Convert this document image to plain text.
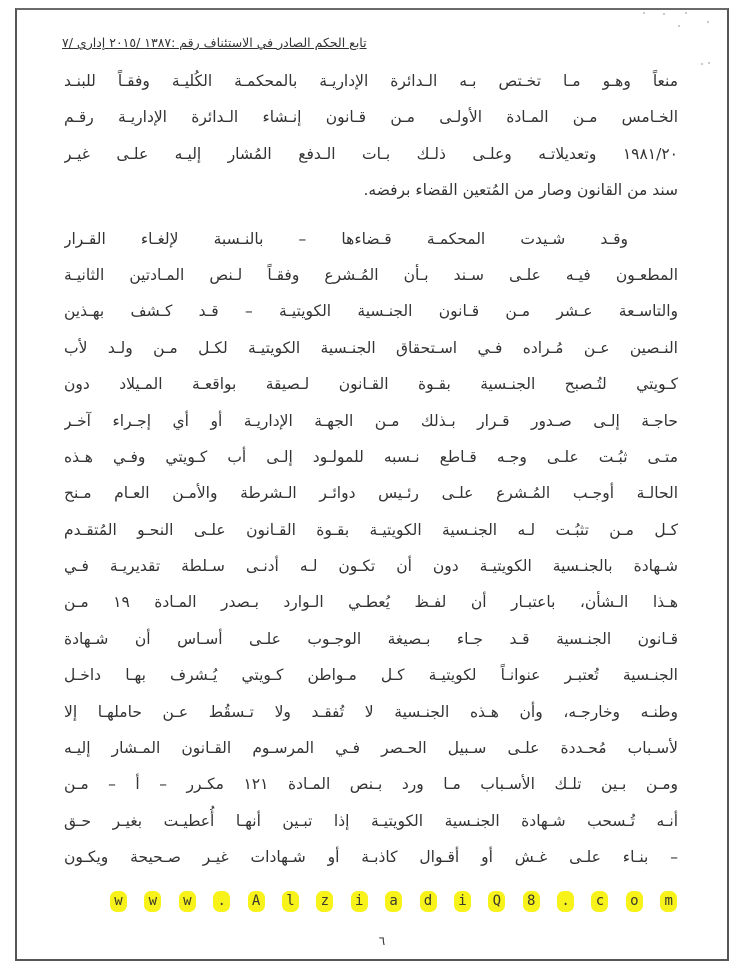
تابع الحكم الصادر في الاستئناف رقم :١٣٨٧ /٢٠١٥ إداري /٧
منعاً وهـو مـا تخـتص بـه الـدائرة الإداريـة بالمحكمـة الكُليـة وفقـاً للبنـد
الخـامس مـن المـادة الأولـى مـن قـانون إنـشاء الـدائرة الإداريـة رقـم
١٩٨١/٢٠ وتعديلاتـه وعلـى ذلـك بـات الـدفع المُشار إليـه علـى غيـر
سند من القانون وصار من المُتعين القضاء برفضه.
وقـد شـيدت المحكمـة قـضاءها – بالنـسبة لإلغـاء القـرار
المطعـون فيـه علـى سـند بـأن المُـشرع وفقـاً لـنص المـادتين الثانيـة
والتاسـعة عـشر مـن قـانون الجنـسية الكويتيـة – قـد كـشف بهـذين
النـصين عـن مُـراده فـي اسـتحقاق الجنـسية الكويتيـة لكـل مـن ولـد لأب
كـويتي لتُـصبح الجنـسية بقـوة القـانون لـصيقة بواقعـة المـيلاد دون
حاجـة إلـى صـدور قـرار بـذلك مـن الجهـة الإداريـة أو أي إجـراء آخـر
متـى ثبُـت علـى وجـه قـاطع نـسبه للمولـود إلـى أب كـويتي وفـي هـذه
الحالـة أوجـب المُـشرع علـى رئـيس دوائـر الـشرطة والأمـن العـام مـنح
كـل مـن تثبُـت لـه الجنـسية الكويتيـة بقـوة القـانون علـى النحـو المُتقـدم
شـهادة بالجنـسية الكويتيـة دون أن تكـون لـه أدنـى سـلطة تقديريـة فـي
هـذا الـشأن، باعتبـار أن لفـظ يُعطـي الـوارد بـصدر المـادة ١٩ مـن
قـانون الجنـسية قـد جـاء بـصيغة الوجـوب علـى أسـاس أن شـهادة
الجنـسية تُعتبـر عنوانـاً لكويتيـة كـل مـواطن كـويتي يُـشرف بهـا داخـل
وطنـه وخارجـه، وأن هـذه الجنـسية لا تُفقـد ولا تـسقُط عـن حاملهـا إلا
لأسـباب مُحـددة علـى سـبيل الحـصر فـي المرسـوم القـانون المـشار إليـه
ومـن بـين تلـك الأسـباب مـا ورد بـنص المـادة ١٢١ مكـرر – أ – مـن
أنـه تُـسحب شـهادة الجنـسية الكويتيـة إذا تبـين أنهـا أُعطيـت بغيـر حـق
– بنـاء علـى غـش أو أقـوال كاذبـة أو شـهادات غيـر صـحيحة ويكـون
w	w	w	.	A	l	z	i	a	d	i	Q	8	.	c	o	m
٦
